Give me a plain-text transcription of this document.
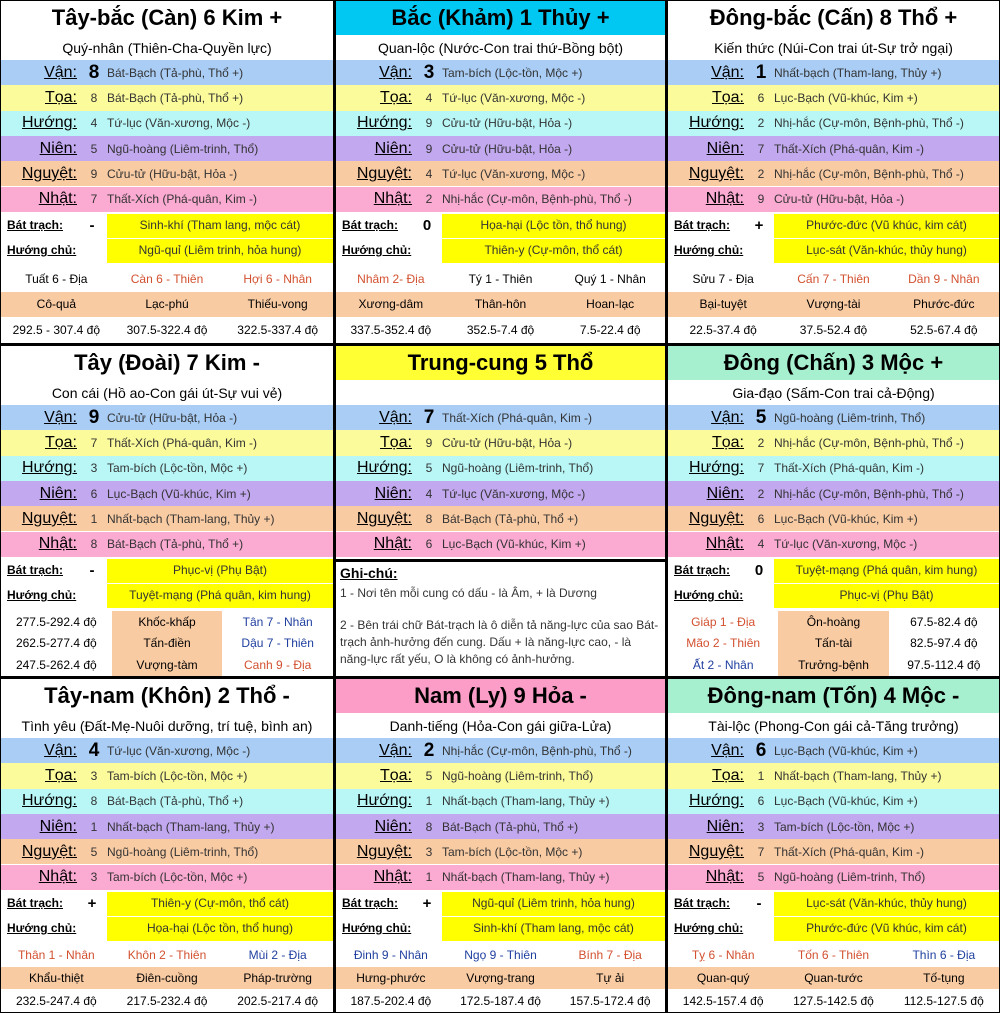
Tây-bắc (Càn) 6 Kim +
Quý-nhân (Thiên-Cha-Quyền lực)
Vận: 8 Bát-Bạch (Tả-phù, Thổ +)
Tọa:	8 Bát-Bạch (Tả-phù, Thổ +)
Hướng:	4 Tứ-lục (Văn-xương, Mộc -)
Niên:	5 Ngũ-hoàng (Liêm-trinh, Thổ)
Nguyệt:	9 Cửu-tử (Hữu-bật, Hỏa -)
Nhật:	7 Thất-Xích (Phá-quân, Kim -)
Bát trạch:	-	Sinh-khí (Tham lang, mộc cát)
Hướng chủ:	Ngũ-quỉ (Liêm trinh, hỏa hung)
Tuất 6 - Địa	Càn 6 - Thiên	Hợi 6 - Nhân
Cô-quả	Lạc-phú	Thiếu-vong
292.5 - 307.4 độ	307.5-322.4 độ	322.5-337.4 độ
Bắc (Khảm) 1 Thủy +
Quan-lộc (Nước-Con trai thứ-Bồng bột)
Vận: 3 Tam-bích (Lộc-tồn, Mộc +)
Tọa:	4 Tứ-lục (Văn-xương, Mộc -)
Hướng:	9 Cửu-tử (Hữu-bật, Hỏa -)
Niên:	9 Cửu-tử (Hữu-bật, Hỏa -)
Nguyệt:	4 Tứ-lục (Văn-xương, Mộc -)
Nhật:	2 Nhị-hắc (Cự-môn, Bệnh-phù, Thổ -)
Bát trạch:	0	Họa-hại (Lộc tồn, thổ hung)
Hướng chủ:	Thiên-y (Cự-môn, thổ cát)
Nhâm 2- Địa	Tý 1 - Thiên	Quý 1 - Nhân
Xương-dâm	Thân-hôn	Hoan-lạc
337.5-352.4 độ	352.5-7.4 độ	7.5-22.4 độ
Đông-bắc (Cấn) 8 Thổ +
Kiến thức (Núi-Con trai út-Sự trở ngại)
Vận: 1 Nhất-bạch (Tham-lang, Thủy +)
Tọa:	6 Lục-Bạch (Vũ-khúc, Kim +)
Hướng:	2 Nhị-hắc (Cự-môn, Bệnh-phù, Thổ -)
Niên:	7 Thất-Xích (Phá-quân, Kim -)
Nguyệt:	2 Nhị-hắc (Cự-môn, Bệnh-phù, Thổ -)
Nhật:	9 Cửu-tử (Hữu-bật, Hỏa -)
Bát trạch:	+	Phước-đức (Vũ khúc, kim cát)
Hướng chủ:	Lục-sát (Văn-khúc, thủy hung)
Sửu 7 - Địa	Cấn 7 - Thiên	Dần 9 - Nhân
Bại-tuyệt	Vượng-tài	Phước-đức
22.5-37.4 độ	37.5-52.4 độ	52.5-67.4 độ
Tây (Đoài) 7 Kim -
Con cái (Hồ ao-Con gái út-Sự vui vẻ)
Vận: 9 Cửu-tử (Hữu-bật, Hỏa -)
Tọa:	7 Thất-Xích (Phá-quân, Kim -)
Hướng:	3 Tam-bích (Lộc-tồn, Mộc +)
Niên:	6 Lục-Bạch (Vũ-khúc, Kim +)
Nguyệt:	1 Nhất-bạch (Tham-lang, Thủy +)
Nhật:	8 Bát-Bạch (Tả-phù, Thổ +)
Bát trạch:	-	Phục-vị (Phụ Bật)
Hướng chủ:	Tuyệt-mạng (Phá quân, kim hung)
277.5-292.4 độ	Khốc-khấp	Tân 7 - Nhân
262.5-277.4 độ	Tấn-điền	Dậu 7 - Thiên
247.5-262.4 độ	Vượng-tàm	Canh 9 - Địa
Trung-cung 5 Thổ
Vận: 7 Thất-Xích (Phá-quân, Kim -)
Tọa:	9 Cửu-tử (Hữu-bật, Hỏa -)
Hướng:	5 Ngũ-hoàng (Liêm-trinh, Thổ)
Niên:	4 Tứ-lục (Văn-xương, Mộc -)
Nguyệt:	8 Bát-Bạch (Tả-phù, Thổ +)
Nhật:	6 Lục-Bạch (Vũ-khúc, Kim +)
Ghi-chú:
1 - Nơi tên mỗi cung có dấu - là Âm, + là Dương
2 - Bên trái chữ Bát-trạch là ô diễn tả năng-lực của sao Bát-trạch ảnh-hưởng đến cung. Dấu + là năng-lực cao, - là năng-lực rất yếu, O là không có ảnh-hưởng.
Đông (Chấn) 3 Mộc +
Gia-đạo (Sấm-Con trai cả-Động)
Vận: 5 Ngũ-hoàng (Liêm-trinh, Thổ)
Tọa:	2 Nhị-hắc (Cự-môn, Bệnh-phù, Thổ -)
Hướng:	7 Thất-Xích (Phá-quân, Kim -)
Niên:	2 Nhị-hắc (Cự-môn, Bệnh-phù, Thổ -)
Nguyệt:	6 Lục-Bạch (Vũ-khúc, Kim +)
Nhật:	4 Tứ-lục (Văn-xương, Mộc -)
Bát trạch:	0	Tuyệt-mạng (Phá quân, kim hung)
Hướng chủ:	Phục-vị (Phụ Bật)
Giáp 1 - Địa	Ôn-hoàng	67.5-82.4 độ
Mão 2 - Thiên	Tấn-tài	82.5-97.4 độ
Ất 2 - Nhân	Trưởng-bệnh	97.5-112.4 độ
Tây-nam (Khôn) 2 Thổ -
Tình yêu (Đất-Mẹ-Nuôi dưỡng, trí tuệ, bình an)
Vận: 4 Tứ-lục (Văn-xương, Mộc -)
Tọa:	3 Tam-bích (Lộc-tồn, Mộc +)
Hướng:	8 Bát-Bạch (Tả-phù, Thổ +)
Niên:	1 Nhất-bạch (Tham-lang, Thủy +)
Nguyệt:	5 Ngũ-hoàng (Liêm-trinh, Thổ)
Nhật:	3 Tam-bích (Lộc-tồn, Mộc +)
Bát trạch:	+	Thiên-y (Cự-môn, thổ cát)
Hướng chủ:	Họa-hại (Lộc tồn, thổ hung)
Thân 1 - Nhân	Khôn 2 - Thiên	Mùi 2 - Địa
Khẩu-thiệt	Điên-cuồng	Pháp-trường
232.5-247.4 độ	217.5-232.4 độ	202.5-217.4 độ
Nam (Ly) 9 Hỏa -
Danh-tiếng (Hỏa-Con gái giữa-Lửa)
Vận: 2 Nhị-hắc (Cự-môn, Bệnh-phù, Thổ -)
Tọa:	5 Ngũ-hoàng (Liêm-trinh, Thổ)
Hướng:	1 Nhất-bạch (Tham-lang, Thủy +)
Niên:	8 Bát-Bạch (Tả-phù, Thổ +)
Nguyệt:	3 Tam-bích (Lộc-tồn, Mộc +)
Nhật:	1 Nhất-bạch (Tham-lang, Thủy +)
Bát trạch:	+	Ngũ-quỉ (Liêm trinh, hỏa hung)
Hướng chủ:	Sinh-khí (Tham lang, mộc cát)
Đinh 9 - Nhân	Ngọ 9 - Thiên	Bính 7 - Địa
Hưng-phước	Vượng-trang	Tự ải
187.5-202.4 độ	172.5-187.4 độ	157.5-172.4 độ
Đông-nam (Tốn) 4 Mộc -
Tài-lộc (Phong-Con gái cả-Tăng trưởng)
Vận: 6 Lục-Bạch (Vũ-khúc, Kim +)
Tọa:	1 Nhất-bạch (Tham-lang, Thủy +)
Hướng:	6 Lục-Bạch (Vũ-khúc, Kim +)
Niên:	3 Tam-bích (Lộc-tồn, Mộc +)
Nguyệt:	7 Thất-Xích (Phá-quân, Kim -)
Nhật:	5 Ngũ-hoàng (Liêm-trinh, Thổ)
Bát trạch:	-	Lục-sát (Văn-khúc, thủy hung)
Hướng chủ:	Phước-đức (Vũ khúc, kim cát)
Tỵ 6 - Nhân	Tốn 6 - Thiên	Thìn 6 - Địa
Quan-quý	Quan-tước	Tố-tụng
142.5-157.4 độ	127.5-142.5 độ	112.5-127.5 độ
